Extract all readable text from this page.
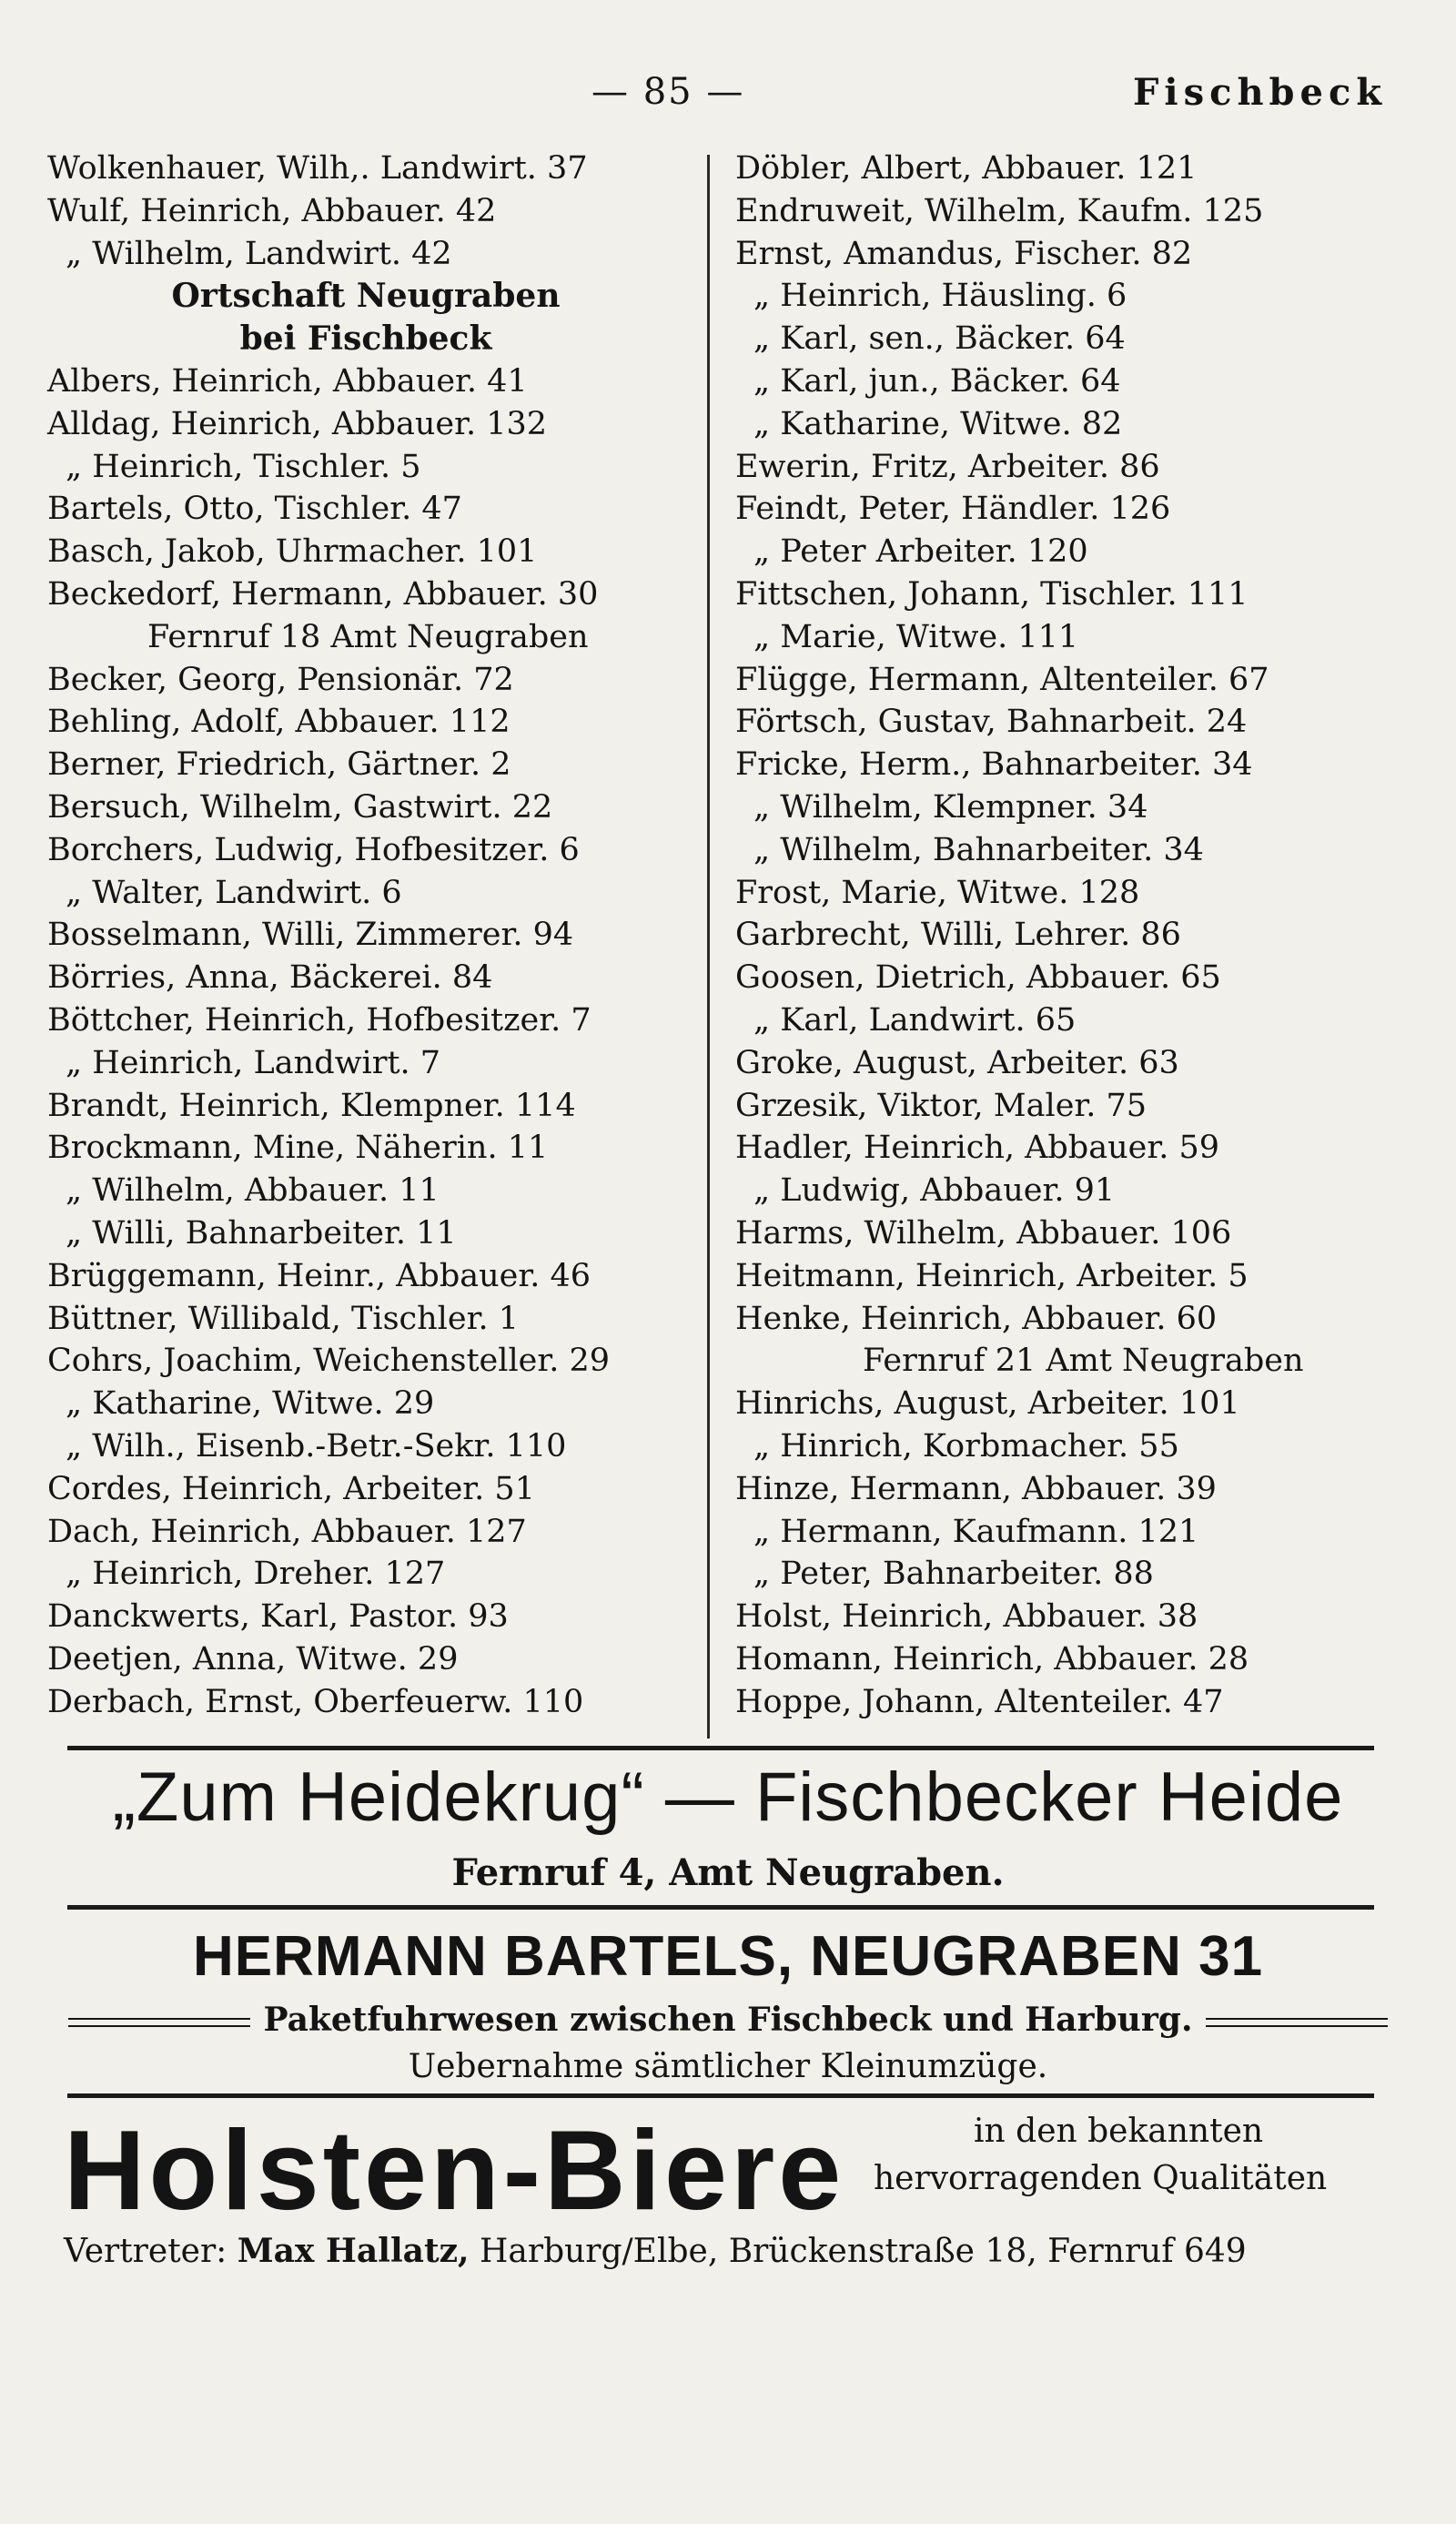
— 85 —	Fischbeck
Wolkenhauer, Wilh,. Landwirt. 37
Wulf, Heinrich, Abbauer. 42
„ Wilhelm, Landwirt. 42
Ortschaft Neugraben
bei Fischbeck
Albers, Heinrich, Abbauer. 41
Alldag, Heinrich, Abbauer. 132
„ Heinrich, Tischler. 5
Bartels, Otto, Tischler. 47
Basch, Jakob, Uhrmacher. 101
Beckedorf, Hermann, Abbauer. 30
Fernruf 18 Amt Neugraben
Becker, Georg, Pensionär. 72
Behling, Adolf, Abbauer. 112
Berner, Friedrich, Gärtner. 2
Bersuch, Wilhelm, Gastwirt. 22
Borchers, Ludwig, Hofbesitzer. 6
„ Walter, Landwirt. 6
Bosselmann, Willi, Zimmerer. 94
Börries, Anna, Bäckerei. 84
Böttcher, Heinrich, Hofbesitzer. 7
„ Heinrich, Landwirt. 7
Brandt, Heinrich, Klempner. 114
Brockmann, Mine, Näherin. 11
„ Wilhelm, Abbauer. 11
„ Willi, Bahnarbeiter. 11
Brüggemann, Heinr., Abbauer. 46
Büttner, Willibald, Tischler. 1
Cohrs, Joachim, Weichensteller. 29
„ Katharine, Witwe. 29
„ Wilh., Eisenb.-Betr.-Sekr. 110
Cordes, Heinrich, Arbeiter. 51
Dach, Heinrich, Abbauer. 127
„ Heinrich, Dreher. 127
Danckwerts, Karl, Pastor. 93
Deetjen, Anna, Witwe. 29
Derbach, Ernst, Oberfeuerw. 110
Döbler, Albert, Abbauer. 121
Endruweit, Wilhelm, Kaufm. 125
Ernst, Amandus, Fischer. 82
„ Heinrich, Häusling. 6
„ Karl, sen., Bäcker. 64
„ Karl, jun., Bäcker. 64
„ Katharine, Witwe. 82
Ewerin, Fritz, Arbeiter. 86
Feindt, Peter, Händler. 126
„ Peter Arbeiter. 120
Fittschen, Johann, Tischler. 111
„ Marie, Witwe. 111
Flügge, Hermann, Altenteiler. 67
Förtsch, Gustav, Bahnarbeit. 24
Fricke, Herm., Bahnarbeiter. 34
„ Wilhelm, Klempner. 34
„ Wilhelm, Bahnarbeiter. 34
Frost, Marie, Witwe. 128
Garbrecht, Willi, Lehrer. 86
Goosen, Dietrich, Abbauer. 65
„ Karl, Landwirt. 65
Groke, August, Arbeiter. 63
Grzesik, Viktor, Maler. 75
Hadler, Heinrich, Abbauer. 59
„ Ludwig, Abbauer. 91
Harms, Wilhelm, Abbauer. 106
Heitmann, Heinrich, Arbeiter. 5
Henke, Heinrich, Abbauer. 60
Fernruf 21 Amt Neugraben
Hinrichs, August, Arbeiter. 101
„ Hinrich, Korbmacher. 55
Hinze, Hermann, Abbauer. 39
„ Hermann, Kaufmann. 121
„ Peter, Bahnarbeiter. 88
Holst, Heinrich, Abbauer. 38
Homann, Heinrich, Abbauer. 28
Hoppe, Johann, Altenteiler. 47
„Zum Heidekrug“ — Fischbecker Heide
Fernruf 4, Amt Neugraben.
HERMANN BARTELS, NEUGRABEN 31
Paketfuhrwesen zwischen Fischbeck und Harburg.
Uebernahme sämtlicher Kleinumzüge.
Holsten-Biere	in den bekannten
hervorragenden Qualitäten
Vertreter: Max Hallatz, Harburg/Elbe, Brückenstraße 18, Fernruf 649
